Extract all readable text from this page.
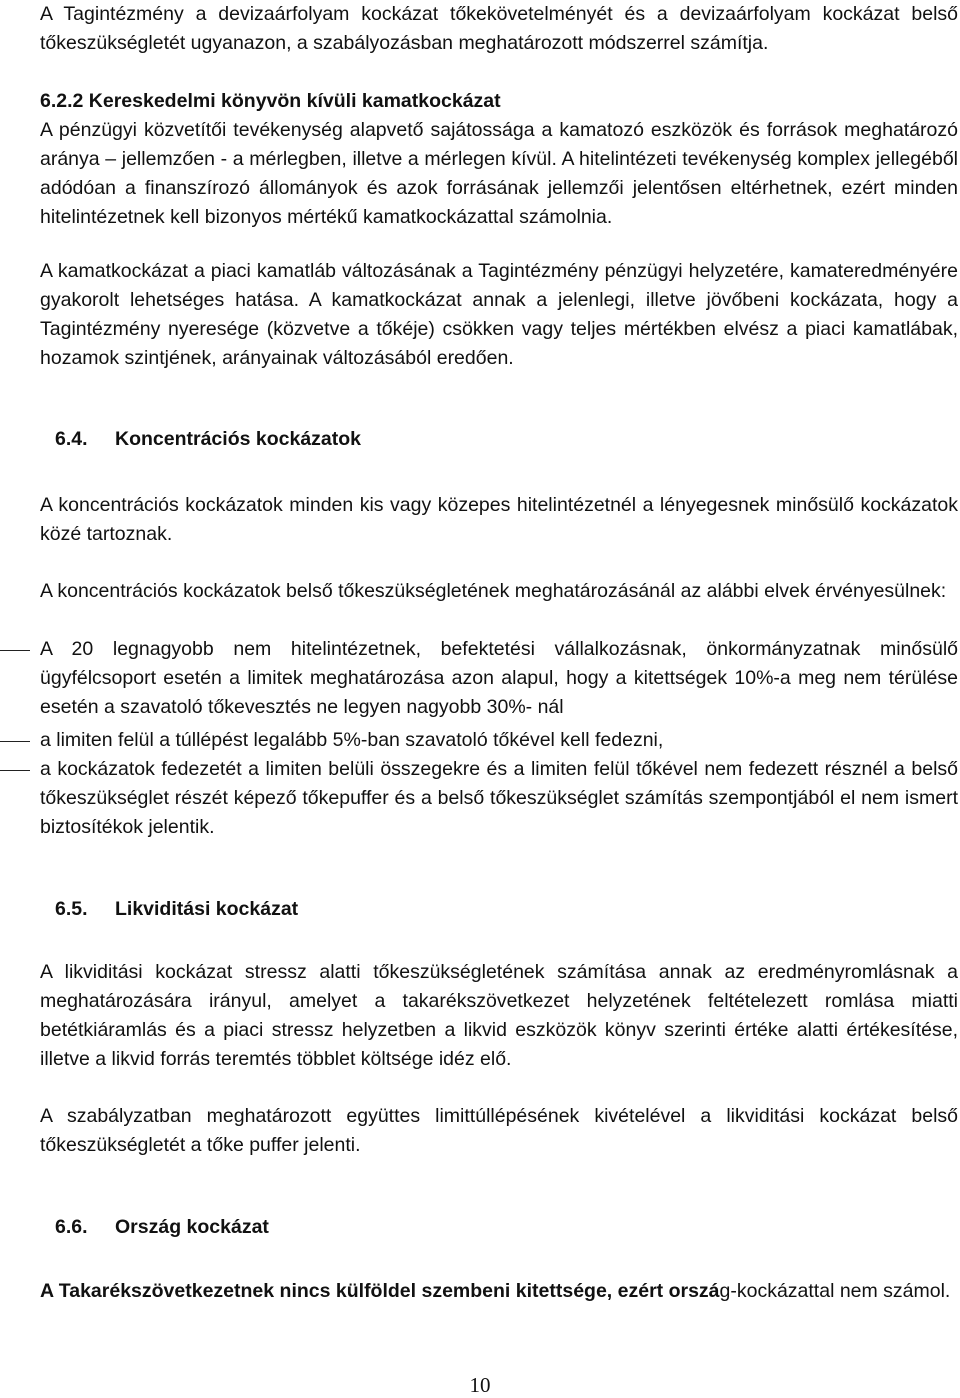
A Tagintézmény a devizaárfolyam kockázat tőkekövetelményét és a devizaárfolyam kockázat belső tőkeszükségletét ugyanazon, a szabályozásban meghatározott módszerrel számítja.

6.2.2 Kereskedelmi könyvön kívüli kamatkockázat
A pénzügyi közvetítői tevékenység alapvető sajátossága a kamatozó eszközök és források meghatározó aránya – jellemzően - a mérlegben, illetve a mérlegen kívül. A hitelintézeti tevékenység komplex jellegéből adódóan a finanszírozó állományok és azok forrásának jellemzői jelentősen eltérhetnek, ezért minden hitelintézetnek kell bizonyos mértékű kamatkockázattal számolnia.

A kamatkockázat a piaci kamatláb változásának a Tagintézmény pénzügyi helyzetére, kamateredményére gyakorolt lehetséges hatása. A kamatkockázat annak a jelenlegi, illetve jövőbeni kockázata, hogy a Tagintézmény nyeresége (közvetve a tőkéje) csökken vagy teljes mértékben elvész a piaci kamatlábak, hozamok szintjének, arányainak változásából eredően.

6.4. Koncentrációs kockázatok

A koncentrációs kockázatok minden kis vagy közepes hitelintézetnél a lényegesnek minősülő kockázatok közé tartoznak.

A koncentrációs kockázatok belső tőkeszükségletének meghatározásánál az alábbi elvek érvényesülnek:

A 20 legnagyobb nem hitelintézetnek, befektetési vállalkozásnak, önkormányzatnak minősülő ügyfélcsoport esetén a limitek meghatározása azon alapul, hogy a kitettségek 10%-a meg nem térülése esetén a szavatoló tőkevesztés ne legyen nagyobb 30%- nál

a limiten felül a túllépést legalább 5%-ban szavatoló tőkével kell fedezni,

a kockázatok fedezetét a limiten belüli összegekre és a limiten felül tőkével nem fedezett résznél a belső tőkeszükséglet részét képező tőkepuffer és a belső tőkeszükséglet számítás szempontjából el nem ismert biztosítékok jelentik.

6.5. Likviditási kockázat

A likviditási kockázat stressz alatti tőkeszükségletének számítása annak az eredményromlásnak a meghatározására irányul, amelyet a takarékszövetkezet helyzetének feltételezett romlása miatti betétkiáramlás és a piaci stressz helyzetben a likvid eszközök könyv szerinti értéke alatti értékesítése, illetve a likvid forrás teremtés többlet költsége idéz elő.

A szabályzatban meghatározott együttes limittúllépésének kivételével a likviditási kockázat belső tőkeszükségletét a tőke puffer jelenti.

6.6. Ország kockázat

A Takarékszövetkezetnek nincs külföldel szembeni kitettsége, ezért ország-kockázattal nem számol.

10
